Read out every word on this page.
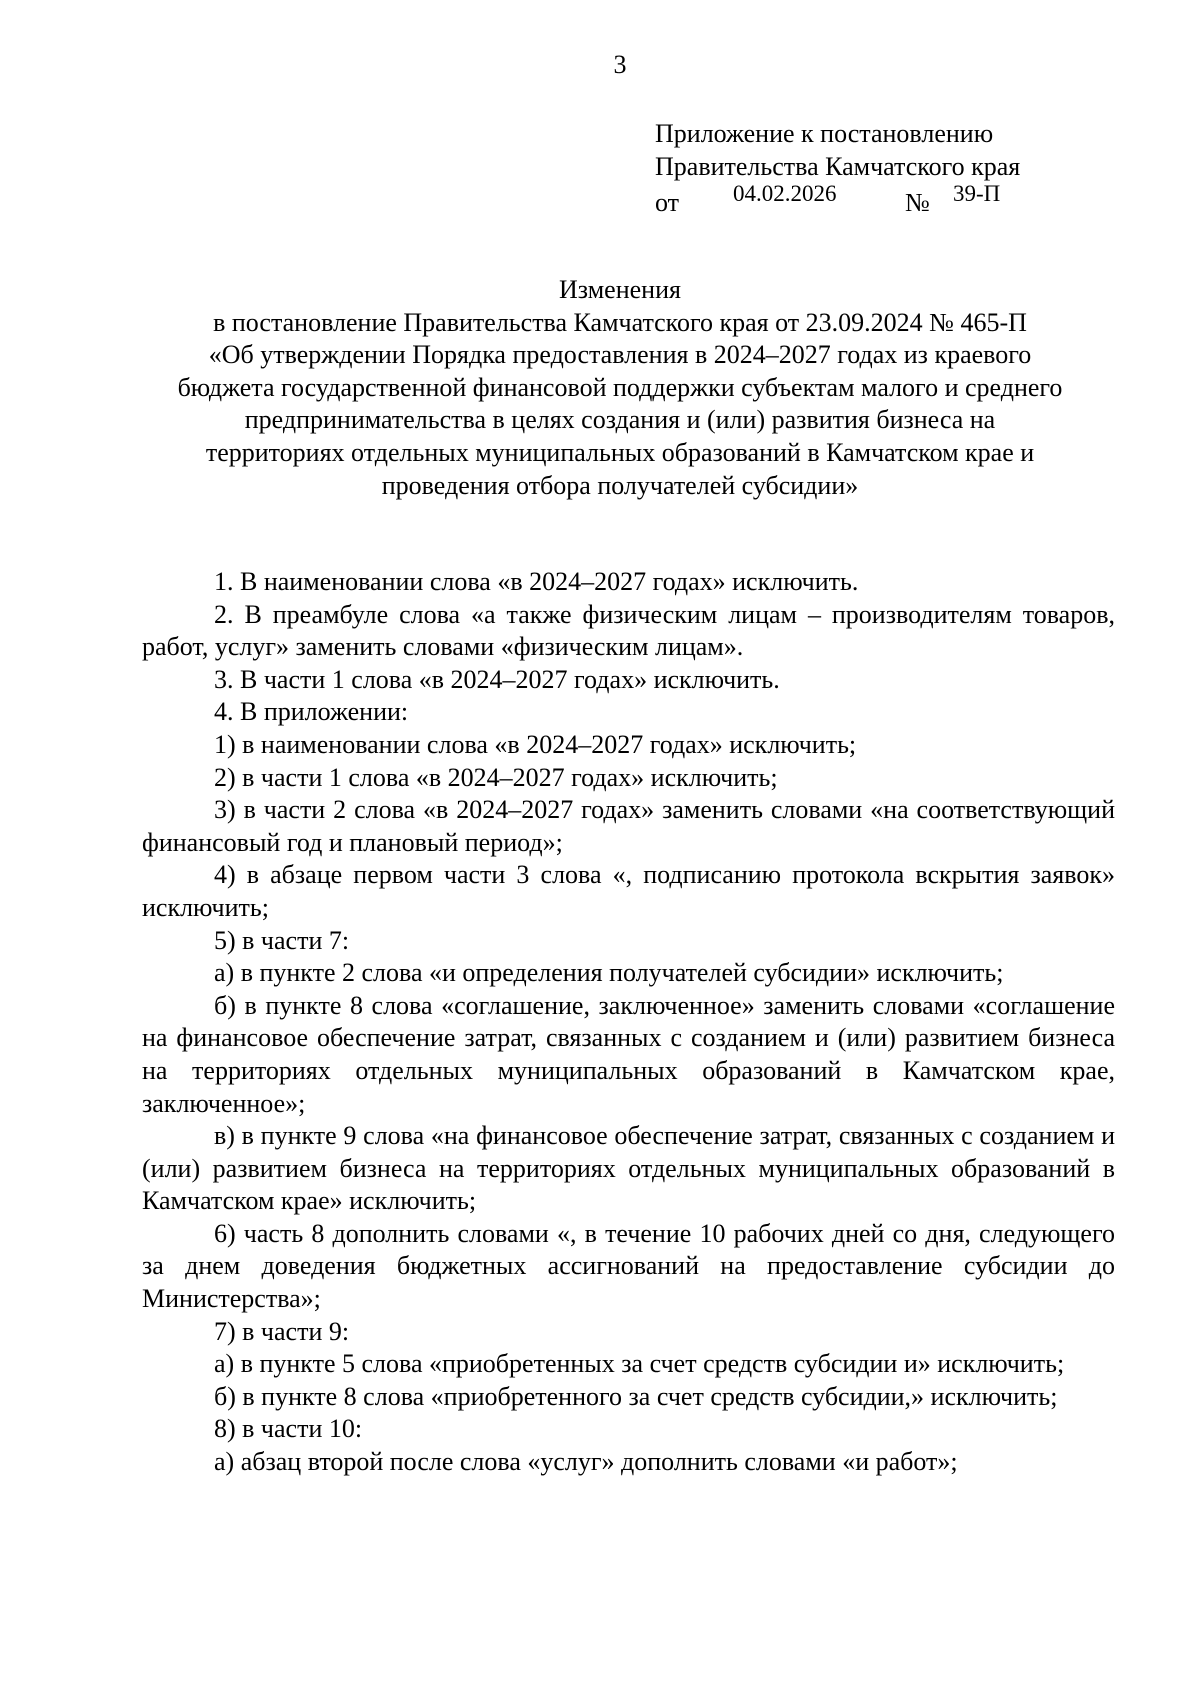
3
Приложение к постановлению
Правительства Камчатского края
от 04.02.2026	№ 39-П
Изменения
в постановление Правительства Камчатского края от 23.09.2024 № 465-П
«Об утверждении Порядка предоставления в 2024–2027 годах из краевого
бюджета государственной финансовой поддержки субъектам малого и среднего
предпринимательства в целях создания и (или) развития бизнеса на
территориях отдельных муниципальных образований в Камчатском крае и
проведения отбора получателей субсидии»

1. В наименовании слова «в 2024–2027 годах» исключить.

2. В преамбуле слова «а также физическим лицам – производителям товаров, работ, услуг» заменить словами «физическим лицам».

3. В части 1 слова «в 2024–2027 годах» исключить.

4. В приложении:

1) в наименовании слова «в 2024–2027 годах» исключить;

2) в части 1 слова «в 2024–2027 годах» исключить;

3) в части 2 слова «в 2024–2027 годах» заменить словами «на соответствующий финансовый год и плановый период»;

4) в абзаце первом части 3 слова «, подписанию протокола вскрытия заявок» исключить;

5) в части 7:

а) в пункте 2 слова «и определения получателей субсидии» исключить;

б) в пункте 8 слова «соглашение, заключенное» заменить словами «соглашение на финансовое обеспечение затрат, связанных с созданием и (или) развитием бизнеса на территориях отдельных муниципальных образований в Камчатском крае, заключенное»;

в) в пункте 9 слова «на финансовое обеспечение затрат, связанных с созданием и (или) развитием бизнеса на территориях отдельных муниципальных образований в Камчатском крае» исключить;

6) часть 8 дополнить словами «, в течение 10 рабочих дней со дня, следующего за днем доведения бюджетных ассигнований на предоставление субсидии до Министерства»;

7) в части 9:

а) в пункте 5 слова «приобретенных за счет средств субсидии и» исключить;

б) в пункте 8 слова «приобретенного за счет средств субсидии,» исключить;

8) в части 10:

а) абзац второй после слова «услуг» дополнить словами «и работ»;
